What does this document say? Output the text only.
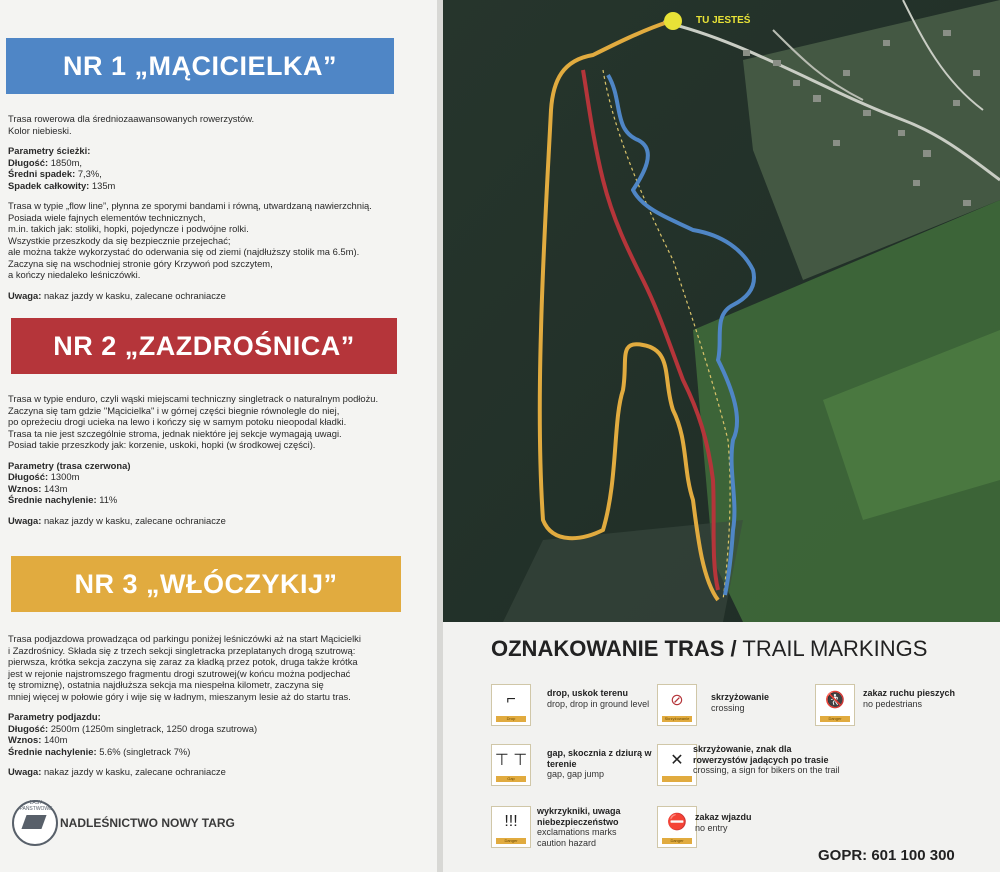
NR 1 „MĄCICIELKA”

Trasa rowerowa dla średniozaawansowanych rowerzystów.

Kolor niebieski.

Parametry ścieżki:

Długość: 1850m,

Średni spadek: 7,3%,

Spadek całkowity: 135m

Trasa w typie „flow line”, płynna ze sporymi bandami i równą, utwardzaną nawierzchnią.

Posiada wiele fajnych elementów technicznych,

m.in. takich jak: stoliki, hopki, pojedyncze i podwójne rolki.

Wszystkie przeszkody da się bezpiecznie przejechać;

ale można także wykorzystać do oderwania się od ziemi (najdłuższy stolik ma 6.5m).

Zaczyna się na wschodniej stronie góry Krzywoń pod szczytem,

a kończy niedaleko leśniczówki.

Uwaga: nakaz jazdy w kasku, zalecane ochraniacze

NR 2 „ZAZDROŚNICA”

Trasa w typie enduro, czyli wąski miejscami techniczny singletrack o naturalnym podłożu.

Zaczyna się tam gdzie "Mącicielka" i w górnej części biegnie równolegle do niej,

po opreżeciu drogi ucieka na lewo i kończy się w samym potoku nieopodal kładki.

Trasa ta nie jest szczególnie stroma, jednak niektóre jej sekcje wymagają uwagi.

Posiad takie przeszkody jak: korzenie, uskoki, hopki (w środkowej części).

Parametry (trasa czerwona)

Długość: 1300m

Wznos: 143m

Średnie nachylenie: 11%

Uwaga: nakaz jazdy w kasku, zalecane ochraniacze

NR 3 „WŁÓCZYKIJ”

Trasa podjazdowa prowadząca od parkingu poniżej leśniczówki aż na start Mącicielki

i Zazdrośnicy. Składa się z trzech sekcji singletracka przeplatanych drogą szutrową:

pierwsza, krótka sekcja zaczyna się zaraz za kładką przez potok, druga także krótka

jest w rejonie najstromszego fragmentu drogi szutrowej(w końcu można podjechać

tę stromiznę), ostatnia najdłuższa sekcja ma niespełna kilometr, zaczyna się

mniej więcej w połowie góry i wije się w ładnym, mieszanym lesie aż do startu tras.

Parametry podjazdu:

Długość: 2500m (1250m singletrack, 1250 droga szutrowa)

Wznos: 140m

Średnie nachylenie: 5.6% (singletrack 7%)

Uwaga: nakaz jazdy w kasku, zalecane ochraniacze

LASY PAŃSTWOWE
NADLEŚNICTWO NOWY TARG
TU JESTEŚ
OZNAKOWANIE TRAS / TRAIL MARKINGS
⌐
Drop
drop, uskok terenu
drop, drop in ground level	⊘
Skrzyżowanie
skrzyżowanie
crossing	🚷
Danger
zakaz ruchu pieszych
no pedestrians
⊤ ⊤
Gap
gap, skocznia z dziurą w terenie
gap, gap jump
✕
skrzyżowanie, znak dla rowerzystów jadących po trasie
crossing, a sign for bikers on the trail
!!!
Danger
wykrzykniki, uwaga niebezpieczeństwo
exclamations marks caution hazard
⛔
Danger
zakaz wjazdu
no entry
GOPR: 601 100 300
